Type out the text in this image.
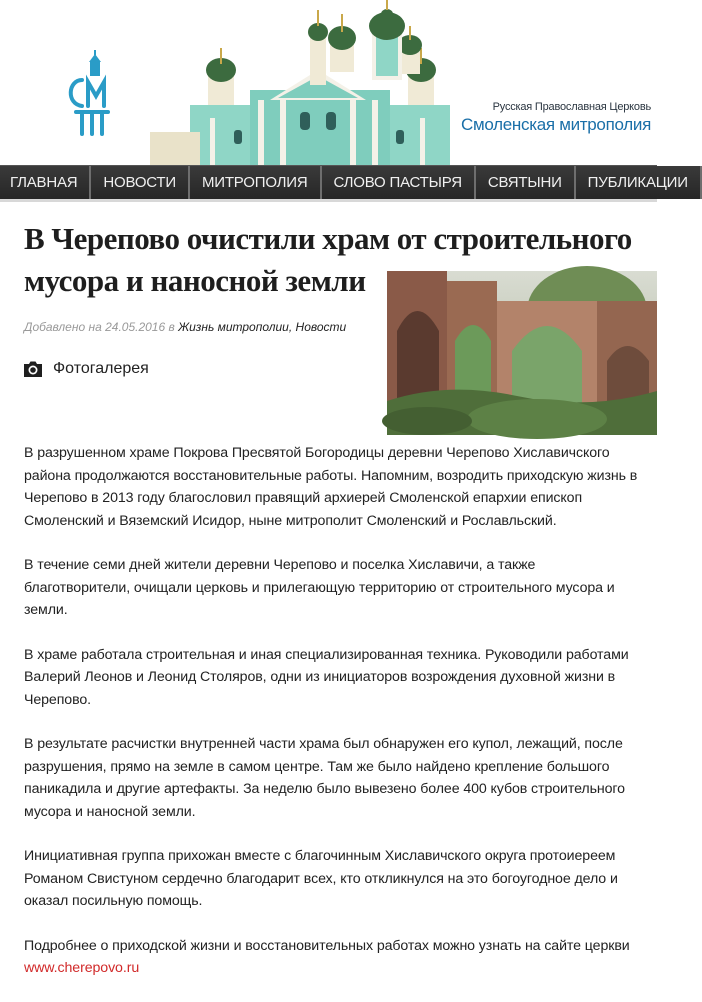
Русская Православная Церковь
Смоленская митрополия
ГЛАВНАЯ	НОВОСТИ	МИТРОПОЛИЯ	СЛОВО ПАСТЫРЯ	СВЯТЫНИ	ПУБЛИКАЦИИ
В Черепово очистили храм от строительного мусора и наносной земли
Добавлено на 24.05.2016 в Жизнь митрополии, Новости
Фотогалерея

В разрушенном храме Покрова Пресвятой Богородицы деревни Черепово Хиславичского района продолжаются восстановительные работы. Напомним, возродить приходскую жизнь в Черепово в 2013 году благословил правящий архиерей Смоленской епархии епископ Смоленский и Вяземский Исидор, ныне митрополит Смоленский и Рославльский.

В течение семи дней жители деревни Черепово и поселка Хиславичи, а также благотворители, очищали церковь и прилегающую территорию от строительного мусора и земли.

В храме работала строительная и иная специализированная техника. Руководили работами Валерий Леонов и Леонид Столяров, одни из инициаторов возрождения духовной жизни в Черепово.

В результате расчистки внутренней части храма был обнаружен его купол, лежащий, после разрушения, прямо на земле в самом центре. Там же было найдено крепление большого паникадила и другие артефакты. За неделю было вывезено более 400 кубов строительного мусора и наносной земли.

Инициативная группа прихожан вместе с благочинным Хиславичского округа протоиереем Романом Свистуном сердечно благодарит всех, кто откликнулся на это богоугодное дело и оказал посильную помощь.

Подробнее о приходской жизни и восстановительных работах можно узнать на сайте церкви www.cherepovo.ru
